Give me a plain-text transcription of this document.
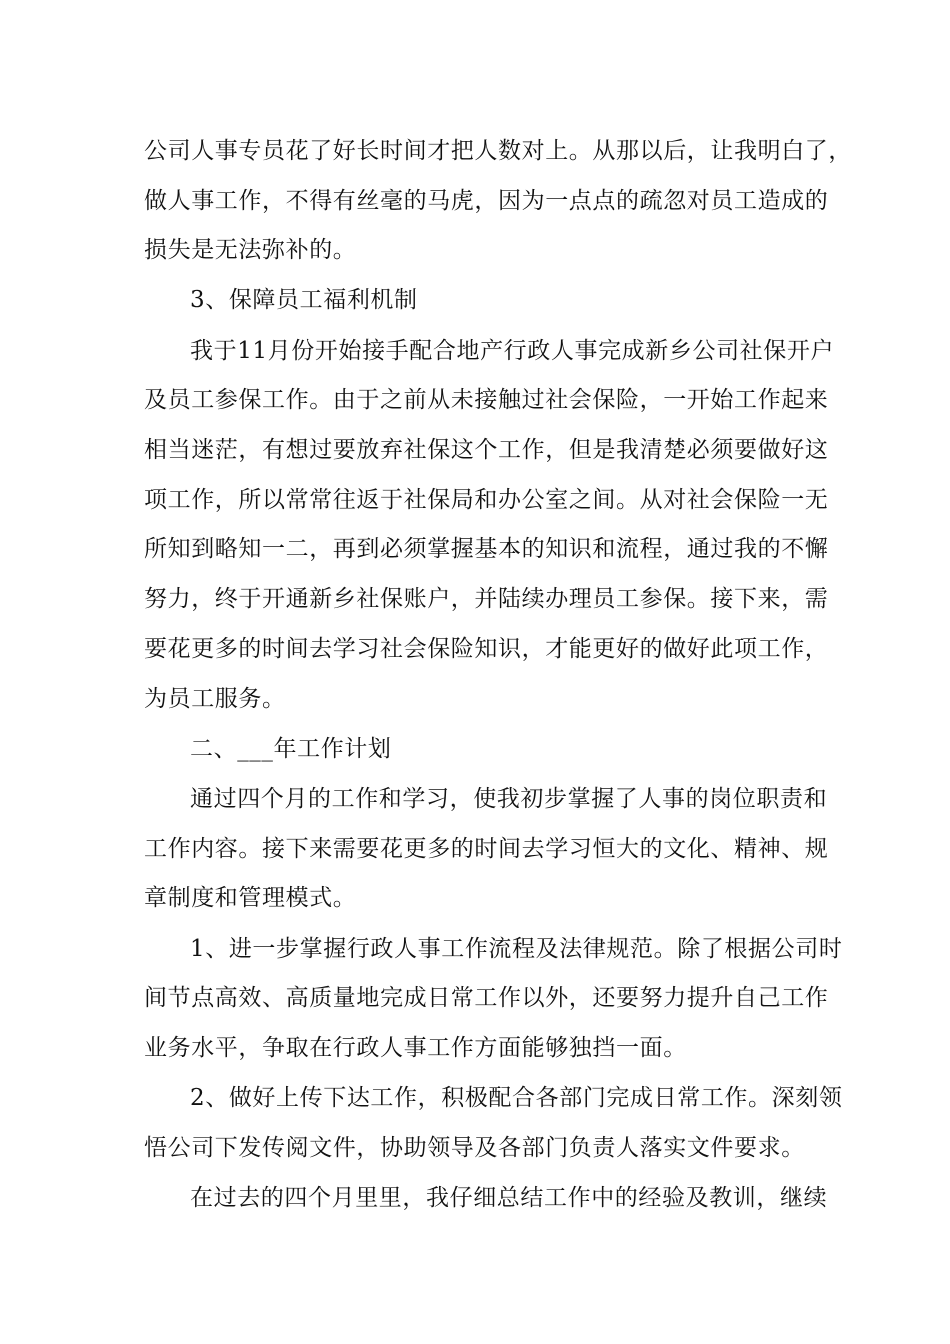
公司人事专员花了好长时间才把人数对上。从那以后，让我明白了，
做人事工作，不得有丝毫的马虎，因为一点点的疏忽对员工造成的
损失是无法弥补的。
3、保障员工福利机制
我于11月份开始接手配合地产行政人事完成新乡公司社保开户
及员工参保工作。由于之前从未接触过社会保险，一开始工作起来
相当迷茫，有想过要放弃社保这个工作，但是我清楚必须要做好这
项工作，所以常常往返于社保局和办公室之间。从对社会保险一无
所知到略知一二，再到必须掌握基本的知识和流程，通过我的不懈
努力，终于开通新乡社保账户，并陆续办理员工参保。接下来，需
要花更多的时间去学习社会保险知识，才能更好的做好此项工作，
为员工服务。
二、___年工作计划
通过四个月的工作和学习，使我初步掌握了人事的岗位职责和
工作内容。接下来需要花更多的时间去学习恒大的文化、精神、规
章制度和管理模式。
1、进一步掌握行政人事工作流程及法律规范。除了根据公司时
间节点高效、高质量地完成日常工作以外，还要努力提升自己工作
业务水平，争取在行政人事工作方面能够独挡一面。
2、做好上传下达工作，积极配合各部门完成日常工作。深刻领
悟公司下发传阅文件，协助领导及各部门负责人落实文件要求。
在过去的四个月里里，我仔细总结工作中的经验及教训，继续
